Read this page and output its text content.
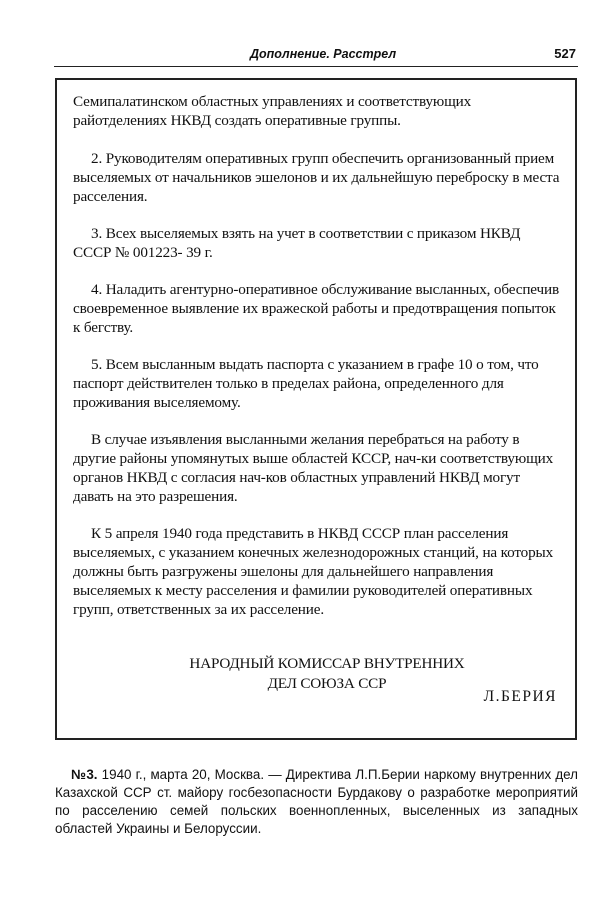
Дополнение. Расстрел	527

Семипалатинском областных управлениях и соответствующих райотделениях НКВД создать оперативные группы.

2. Руководителям оперативных групп обеспечить организованный прием выселяемых от начальников эшелонов и их дальнейшую переброску в места расселения.

3. Всех выселяемых взять на учет в соответствии с приказом НКВД СССР № 001223- 39 г.

4. Наладить агентурно-оперативное обслуживание высланных, обеспечив своевременное выявление их вражеской работы и предотвращения попыток к бегству.

5. Всем высланным выдать паспорта с указанием в графе 10 о том, что паспорт действителен только в пределах района, определенного для проживания выселяемому.

В случае изъявления высланными желания перебраться на работу в другие районы упомянутых выше областей КССР, нач-ки соответствующих органов НКВД с согласия нач-ков областных управлений НКВД могут давать на это разрешения.

К 5 апреля 1940 года представить в НКВД СССР план расселения выселяемых, с указанием конечных железнодорожных станций, на которых должны быть разгружены эшелоны для дальнейшего направления выселяемых к месту расселения и фамилии руководителей оперативных групп, ответственных за их расселение.

НАРОДНЫЙ КОМИССАР ВНУТРЕННИХ
ДЕЛ СОЮЗА ССР
Л.БЕРИЯ
№3. 1940 г., марта 20, Москва. — Директива Л.П.Берии наркому внутренних дел Казахской ССР ст. майору госбезопасности Бурдакову о разработке мероприятий по расселению семей польских военнопленных, выселенных из западных областей Украины и Белоруссии.
